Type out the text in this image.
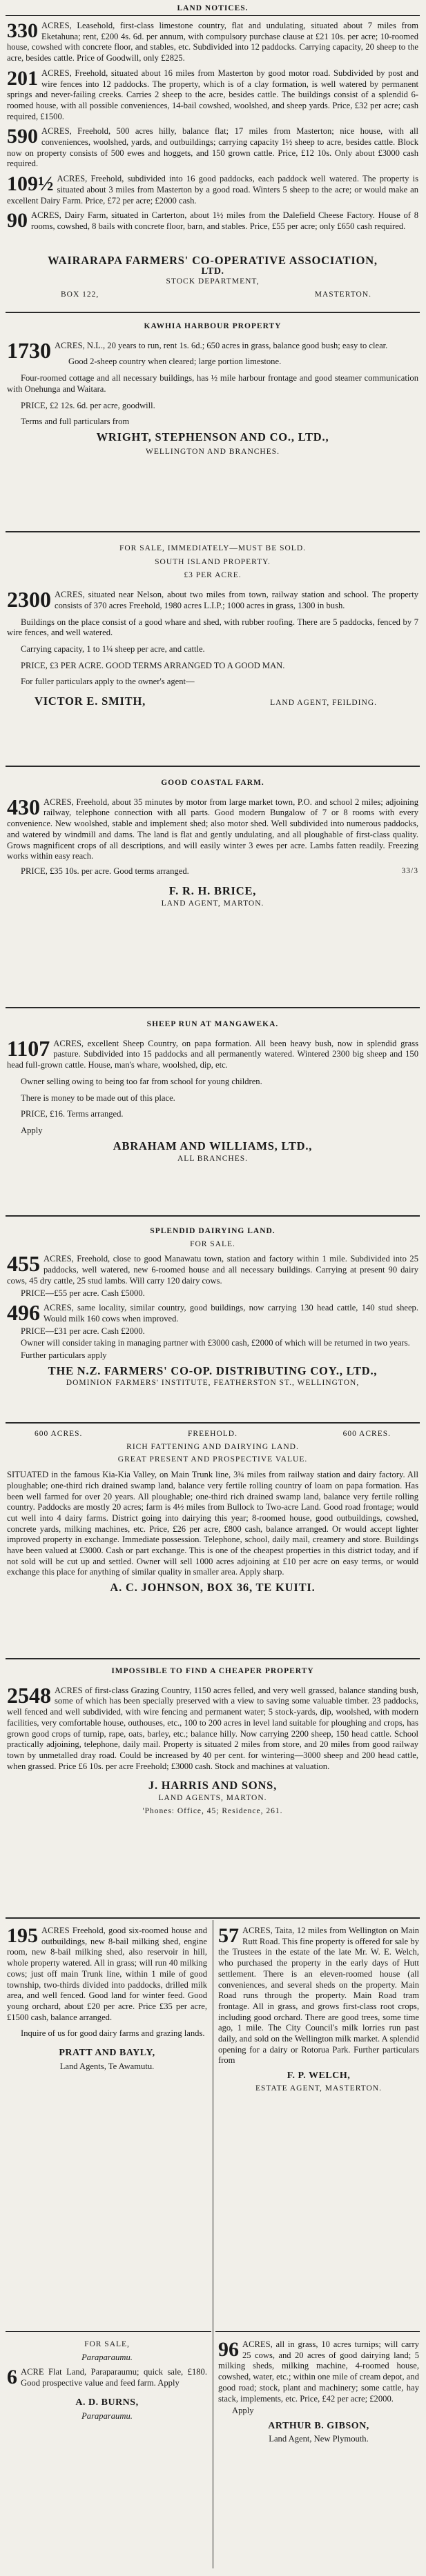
LAND NOTICES.
330 ACRES, Leasehold, first-class limestone country, flat and undulating, situated about 7 miles from Eketahuna; rent, £200 4s. 6d. per annum, with compulsory purchase clause at £21 10s. per acre; 10-roomed house, cowshed with concrete floor, and stables, etc. Subdivided into 12 paddocks. Carrying capacity, 20 sheep to the acre, besides cattle. Price of Goodwill, only £2825.
201 ACRES, Freehold, situated about 16 miles from Masterton by good motor road. Subdivided by post and wire fences into 12 paddocks. The property, which is of a clay formation, is well watered by permanent springs and never-failing creeks. Carries 2 sheep to the acre, besides cattle. The buildings consist of a splendid 6-roomed house, with all possible conveniences, 14-bail cowshed, woolshed, and sheep yards. Price, £32 per acre; cash required, £1500.
590 ACRES, Freehold, 500 acres hilly, balance flat; 17 miles from Masterton; nice house, with all conveniences, woolshed, yards, and outbuildings; carrying capacity 1½ sheep to acre, besides cattle. Block now on property consists of 500 ewes and hoggets, and 150 grown cattle. Price, £12 10s. Only about £3000 cash required.
109½ ACRES, Freehold, subdivided into 16 good paddocks, each paddock well watered. The property is situated about 3 miles from Masterton by a good road. Winters 5 sheep to the acre; or would make an excellent Dairy Farm. Price, £72 per acre; £2000 cash.
90 ACRES, Dairy Farm, situated in Carterton, about 1½ miles from the Dalefield Cheese Factory. House of 8 rooms, cowshed, 8 bails with concrete floor, barn, and stables. Price, £55 per acre; only £650 cash required.
WAIRARAPA FARMERS' CO-OPERATIVE ASSOCIATION,
LTD.
STOCK DEPARTMENT,
BOX 122,	MASTERTON.
KAWHIA HARBOUR PROPERTY
1730 ACRES, N.L., 20 years to run, rent 1s. 6d.; 650 acres in grass, balance good bush; easy to clear.

Good 2-sheep country when cleared; large portion limestone.

Four-roomed cottage and all necessary buildings, has ½ mile harbour frontage and good steamer communication with Onehunga and Waitara.

PRICE, £2 12s. 6d. per acre, goodwill.

Terms and full particulars from

WRIGHT, STEPHENSON AND CO., LTD.,
WELLINGTON AND BRANCHES.
FOR SALE, IMMEDIATELY—MUST BE SOLD.
SOUTH ISLAND PROPERTY.
£3 PER ACRE.
2300 ACRES, situated near Nelson, about two miles from town, railway station and school. The property consists of 370 acres Freehold, 1980 acres L.I.P.; 1000 acres in grass, 1300 in bush.

Buildings on the place consist of a good whare and shed, with rubber roofing. There are 5 paddocks, fenced by 7 wire fences, and well watered.

Carrying capacity, 1 to 1¼ sheep per acre, and cattle.

PRICE, £3 PER ACRE. GOOD TERMS ARRANGED TO A GOOD MAN.

For fuller particulars apply to the owner's agent—

VICTOR E. SMITH,	LAND AGENT, FEILDING.
GOOD COASTAL FARM.
430 ACRES, Freehold, about 35 minutes by motor from large market town, P.O. and school 2 miles; adjoining railway, telephone connection with all parts. Good modern Bungalow of 7 or 8 rooms with every convenience. New woolshed, stable and implement shed; also motor shed. Well subdivided into numerous paddocks, and watered by windmill and dams. The land is flat and gently undulating, and all ploughable of first-class quality. Grows magnificent crops of all descriptions, and will easily winter 3 ewes per acre. Lambs fatten readily. Freezing works within easy reach.
PRICE, £35 10s. per acre. Good terms arranged.	33/3
F. R. H. BRICE,
LAND AGENT, MARTON.
SHEEP RUN AT MANGAWEKA.
1107 ACRES, excellent Sheep Country, on papa formation. All been heavy bush, now in splendid grass pasture. Subdivided into 15 paddocks and all permanently watered. Wintered 2300 big sheep and 150 head full-grown cattle. House, man's whare, woolshed, dip, etc.

Owner selling owing to being too far from school for young children.

There is money to be made out of this place.

PRICE, £16. Terms arranged.

Apply

ABRAHAM AND WILLIAMS, LTD.,
ALL BRANCHES.
SPLENDID DAIRYING LAND.
FOR SALE.
455 ACRES, Freehold, close to good Manawatu town, station and factory within 1 mile. Subdivided into 25 paddocks, well watered, new 6-roomed house and all necessary buildings. Carrying at present 90 dairy cows, 45 dry cattle, 25 stud lambs. Will carry 120 dairy cows.

PRICE—£55 per acre. Cash £5000.

496 ACRES, same locality, similar country, good buildings, now carrying 130 head cattle, 140 stud sheep. Would milk 160 cows when improved.

PRICE—£31 per acre. Cash £2000.

Owner will consider taking in managing partner with £3000 cash, £2000 of which will be returned in two years.

Further particulars apply

THE N.Z. FARMERS' CO-OP. DISTRIBUTING COY., LTD.,
DOMINION FARMERS' INSTITUTE, FEATHERSTON ST., WELLINGTON,
600 ACRES.	FREEHOLD.	600 ACRES.
RICH FATTENING AND DAIRYING LAND.
GREAT PRESENT AND PROSPECTIVE VALUE.

SITUATED in the famous Kia-Kia Valley, on Main Trunk line, 3¾ miles from railway station and dairy factory. All ploughable; one-third rich drained swamp land, balance very fertile rolling country of loam on papa formation. Has been well farmed for over 20 years. All ploughable; one-third rich drained swamp land, balance very fertile rolling country. Paddocks are mostly 20 acres; farm is 4½ miles from Bullock to Two-acre Land. Good road frontage; would cut well into 4 dairy farms. District going into dairying this year; 8-roomed house, good outbuildings, cowshed, concrete yards, milking machines, etc. Price, £26 per acre, £800 cash, balance arranged. Or would accept lighter improved property in exchange. Immediate possession. Telephone, school, daily mail, creamery and store. Buildings have been valued at £3000. Cash or part exchange. This is one of the cheapest properties in this district today, and if not sold will be cut up and settled. Owner will sell 1000 acres adjoining at £10 per acre on easy terms, or would exchange this place for anything of similar quality in smaller area. Apply sharp.

A. C. JOHNSON, BOX 36, TE KUITI.
IMPOSSIBLE TO FIND A CHEAPER PROPERTY
2548 ACRES of first-class Grazing Country, 1150 acres felled, and very well grassed, balance standing bush, some of which has been specially preserved with a view to saving some valuable timber. 23 paddocks, well fenced and well subdivided, with wire fencing and permanent water; 5 stock-yards, dip, woolshed, with modern facilities, very comfortable house, outhouses, etc., 100 to 200 acres in level land suitable for ploughing and crops, has grown good crops of turnip, rape, oats, barley, etc.; balance hilly. Now carrying 2200 sheep, 150 head cattle. School practically adjoining, telephone, daily mail. Property is situated 2 miles from store, and 20 miles from good railway town by unmetalled dray road. Could be increased by 40 per cent. for wintering—3000 sheep and 200 head cattle, when grassed. Price £6 10s. per acre Freehold; £3000 cash. Stock and machines at valuation.
J. HARRIS AND SONS,
LAND AGENTS, MARTON.
'Phones: Office, 45; Residence, 261.
195 ACRES Freehold, good six-roomed house and outbuildings, new 8-bail milking shed, engine room, new 8-bail milking shed, also reservoir in hill, whole property watered. All in grass; will run 40 milking cows; just off main Trunk line, within 1 mile of good township, two-thirds divided into paddocks, drilled milk area, and well fenced. Good land for winter feed. Good young orchard, about £20 per acre. Price £35 per acre, £1500 cash, balance arranged.

Inquire of us for good dairy farms and grazing lands.

PRATT AND BAYLY,
Land Agents, Te Awamutu.
57 ACRES, Taita, 12 miles from Wellington on Main Rutt Road. This fine property is offered for sale by the Trustees in the estate of the late Mr. W. E. Welch, who purchased the property in the early days of Hutt settlement. There is an eleven-roomed house (all conveniences, and several sheds on the property. Main Road runs through the property. Main Road tram frontage. All in grass, and grows first-class root crops, including good orchard. There are good trees, some time ago, 1 mile. The City Council's milk lorries run past daily, and sold on the Wellington milk market. A splendid opening for a dairy or Rotorua Park. Further particulars from
F. P. WELCH,
ESTATE AGENT, MASTERTON.
FOR SALE,
Paraparaumu.
6 ACRE Flat Land, Paraparaumu; quick sale, £180. Good prospective value and feed farm. Apply
A. D. BURNS,
Paraparaumu.
96 ACRES, all in grass, 10 acres turnips; will carry 25 cows, and 20 acres of good dairying land; 5 milking sheds, milking machine, 4-roomed house, cowshed, water, etc.; within one mile of cream depot, and good road; stock, plant and machinery; some cattle, hay stack, implements, etc. Price, £42 per acre; £2000.

Apply

ARTHUR B. GIBSON,
Land Agent, New Plymouth.
